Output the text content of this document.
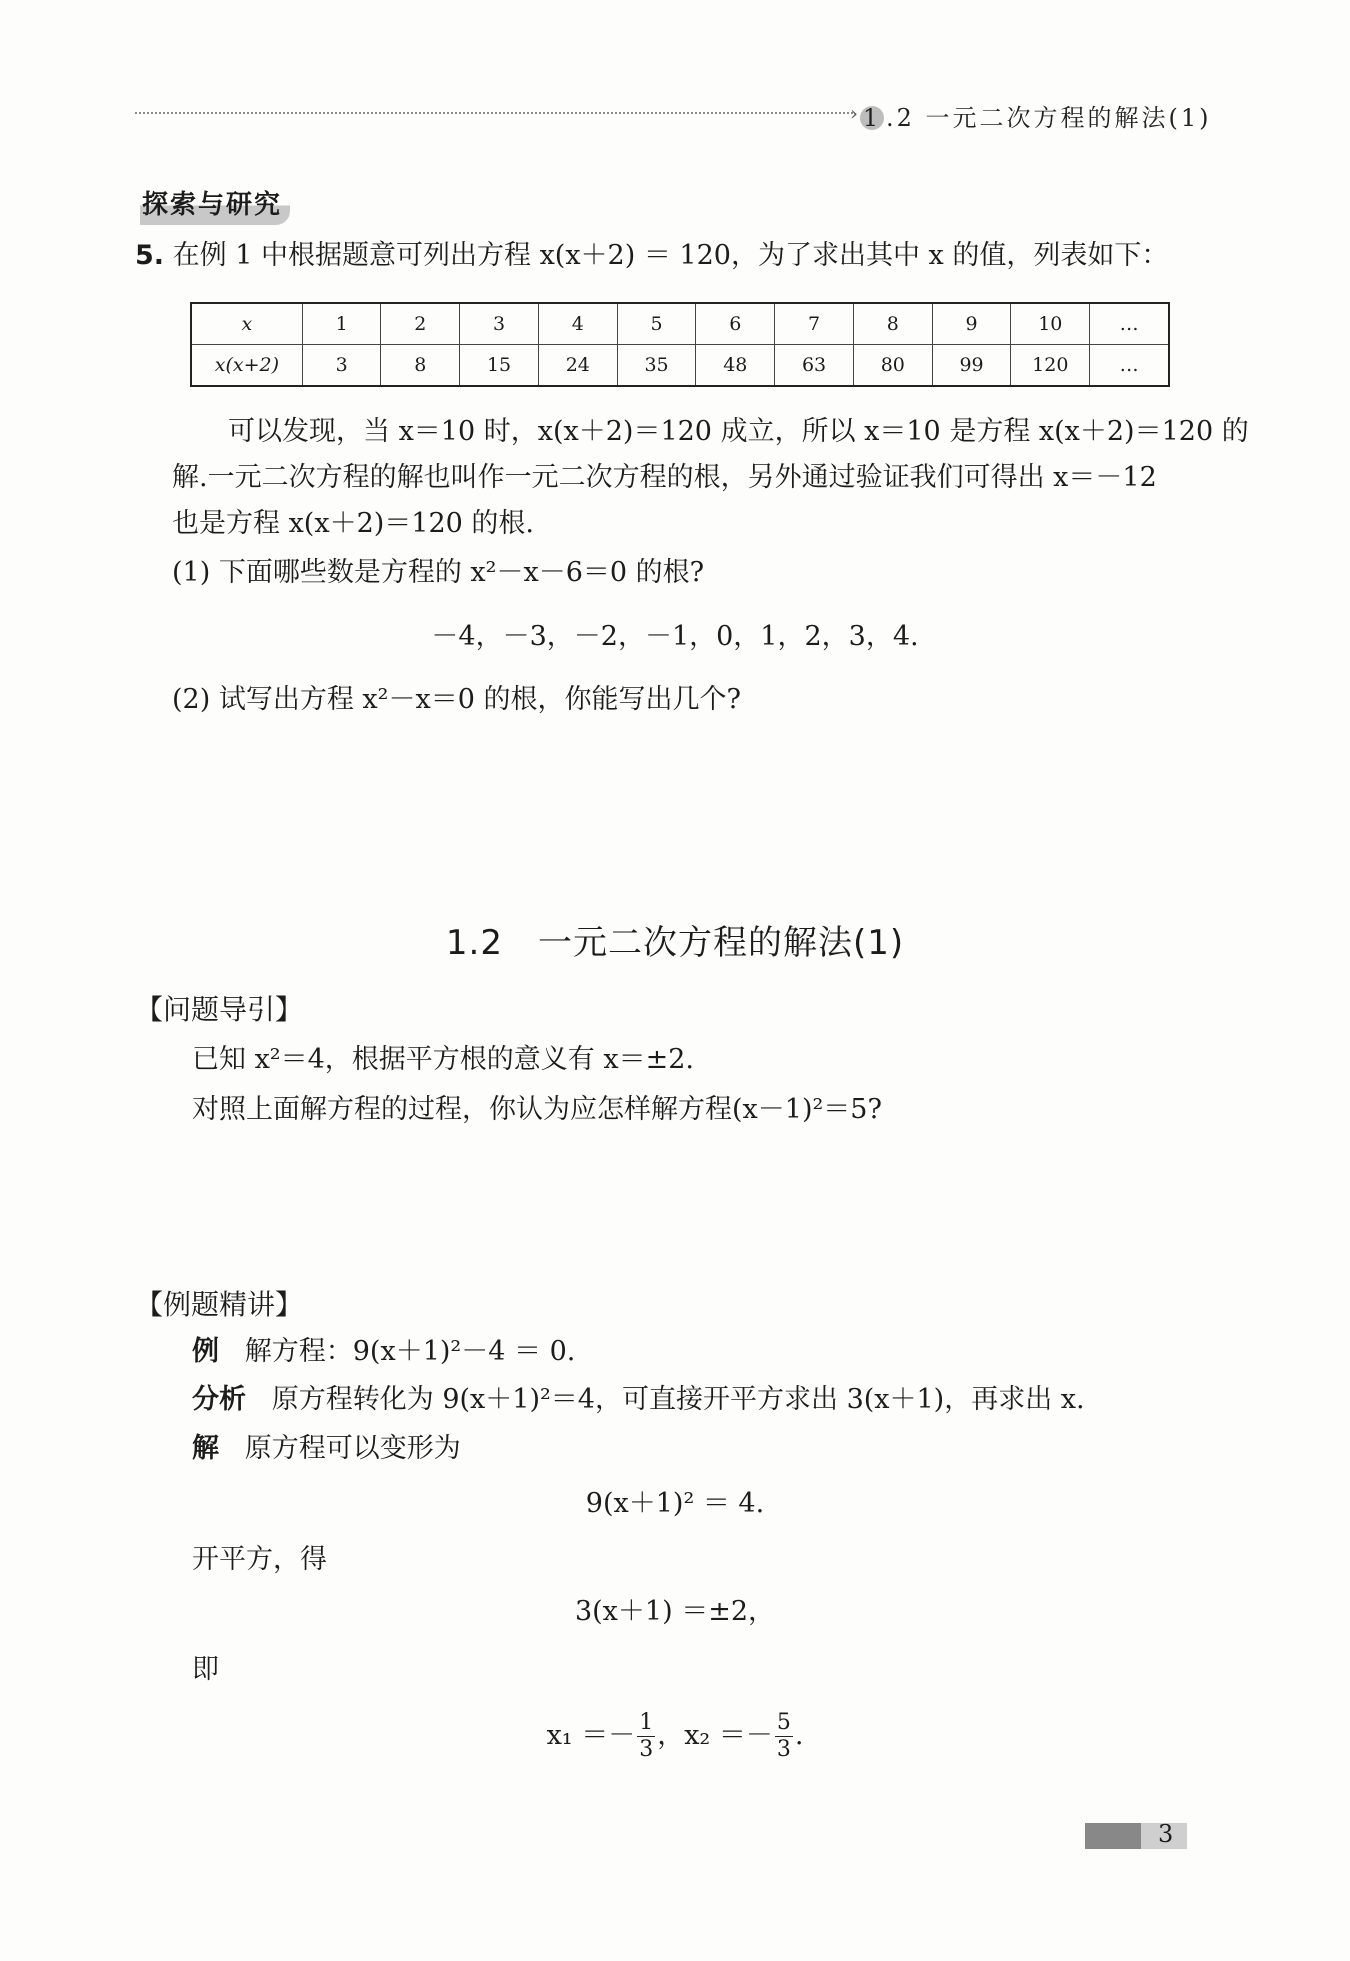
› 1 .2 一元二次方程的解法(1)
探索与研究
5. 在例 1 中根据题意可列出方程 x(x＋2) ＝ 120，为了求出其中 x 的值，列表如下：
x	1	2	3	4	5	6	7	8	9	10	…
x(x+2)	3	8	15	24	35	48	63	80	99	120	…
可以发现，当 x＝10 时，x(x＋2)＝120 成立，所以 x＝10 是方程 x(x＋2)＝120 的
解.一元二次方程的解也叫作一元二次方程的根，另外通过验证我们可得出 x＝－12
也是方程 x(x＋2)＝120 的根.
(1) 下面哪些数是方程的 x²－x－6＝0 的根?
－4，－3，－2，－1，0，1，2，3，4.
(2) 试写出方程 x²－x＝0 的根，你能写出几个?
1.2　一元二次方程的解法(1)
【问题导引】
已知 x²＝4，根据平方根的意义有 x＝±2.
对照上面解方程的过程，你认为应怎样解方程(x－1)²＝5?
【例题精讲】
例 解方程：9(x＋1)²－4 ＝ 0.
分析 原方程转化为 9(x＋1)²＝4，可直接开平方求出 3(x＋1)，再求出 x.
解 原方程可以变形为
9(x＋1)² ＝ 4.
开平方，得
3(x＋1) ＝±2，
即
$x_1 =- \frac{1}{3}$ ，$x_2 =- \frac{5}{3}$ .
3
